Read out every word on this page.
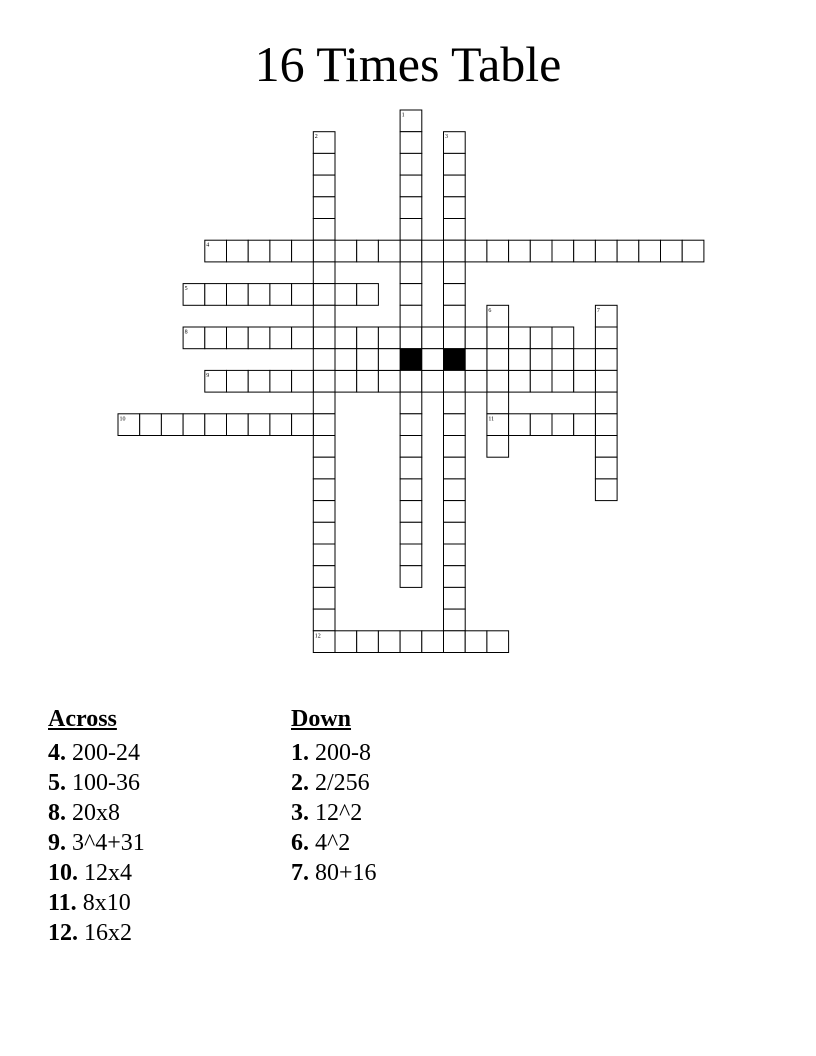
16 Times Table
1
2	3
4
5
6	7
8
9
10	11
12
Across
4. 200-24
5. 100-36
8. 20x8
9. 3^4+31
10. 12x4
11. 8x10
12. 16x2
Down
1. 200-8
2. 2/256
3. 12^2
6. 4^2
7. 80+16
